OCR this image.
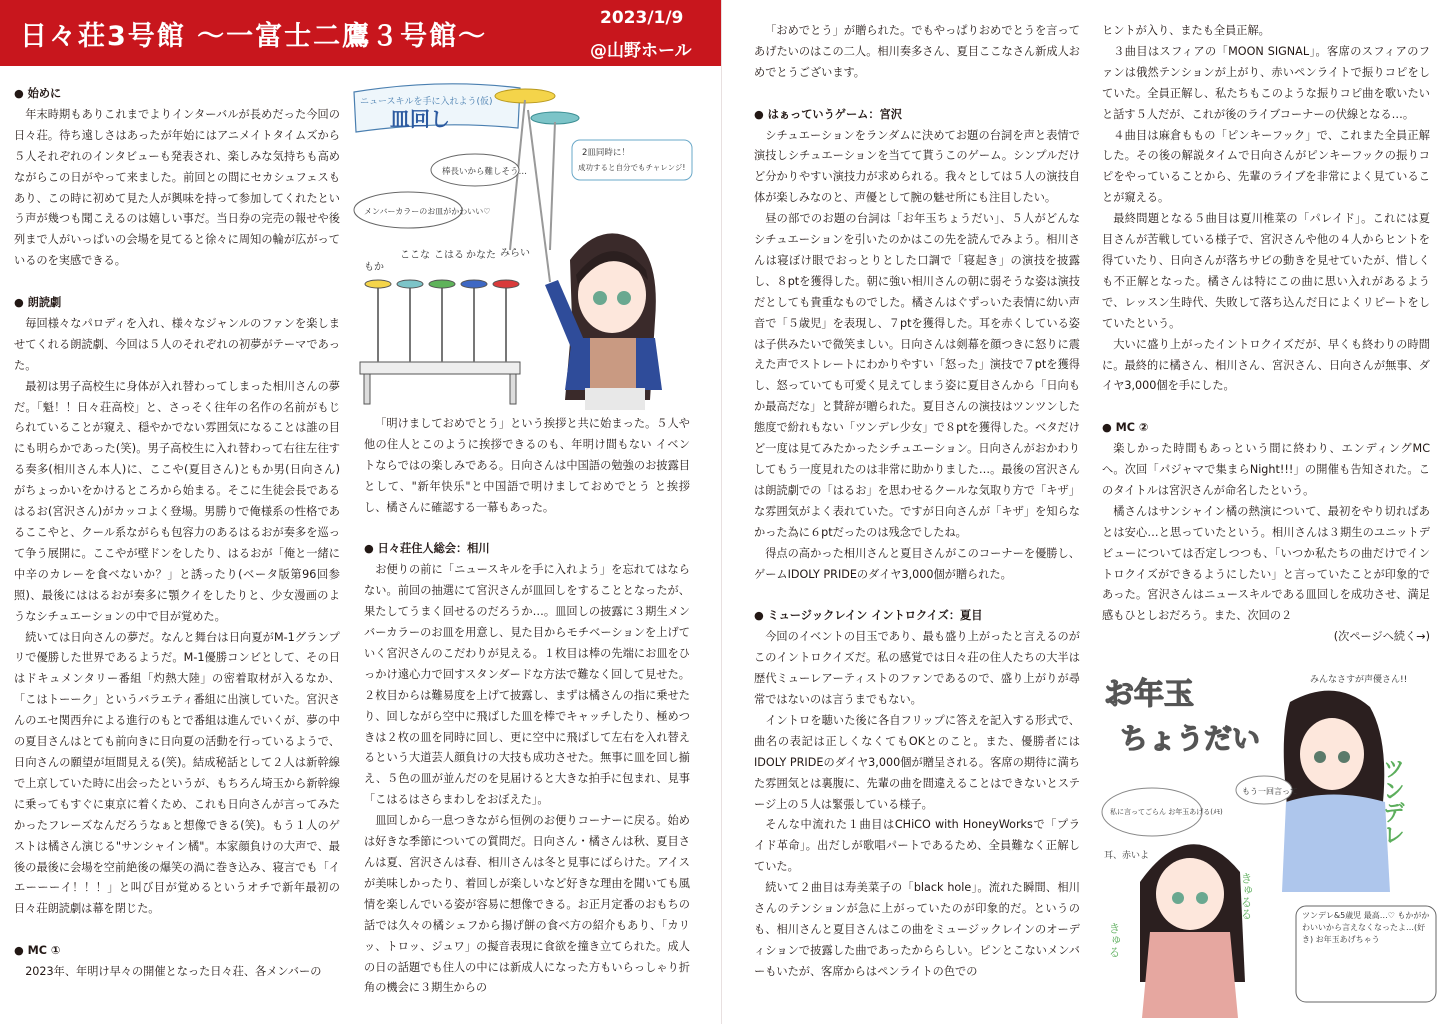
日々荘3号館 〜一富士二鷹３号館〜
2023/1/9
@山野ホール

● 始めに

年末時期もありこれまでよりインターバルが長めだった今回の日々荘。待ち遠しさはあったが年始にはアニメイトタイムズから５人それぞれのインタビューも発表され、楽しみな気持ちも高めながらこの日がやって来ました。前回との間にセカシュフェスもあり、この時に初めて見た人が興味を持って参加してくれたという声が幾つも聞こえるのは嬉しい事だ。当日券の完売の報せや後列まで人がいっぱいの会場を見てると徐々に周知の輪が広がっているのを実感できる。

● 朗読劇

毎回様々なパロディを入れ、様々なジャンルのファンを楽しませてくれる朗読劇、今回は５人のそれぞれの初夢がテーマであった。

最初は男子高校生に身体が入れ替わってしまった相川さんの夢だ。「魁！！日々荘高校」と、さっそく往年の名作の名前がもじられていることが窺え、穏やかでない雰囲気になることは誰の目にも明らかであった(笑)。男子高校生に入れ替わって右往左往する奏多(相川さん本人)に、ここや(夏目さん)ともか男(日向さん)がちょっかいをかけるところから始まる。そこに生徒会長であるはるお(宮沢さん)がカッコよく登場。男勝りで俺様系の性格であるここやと、クール系ながらも包容力のあるはるおが奏多を巡って争う展開に。ここやが壁ドンをしたり、はるおが「俺と一緒に中辛のカレーを食べないか？」と誘ったり(ベータ版第96回参照)、最後にははるおが奏多に顎クイをしたりと、少女漫画のようなシチュエーションの中で目が覚めた。

続いては日向さんの夢だ。なんと舞台は日向夏がM-1グランプリで優勝した世界であるようだ。M-1優勝コンビとして、その日はドキュメンタリー番組「灼熱大陸」の密着取材が入るなか、「こはトーーク」というバラエティ番組に出演していた。宮沢さんのエセ関西弁による進行のもとで番組は進んでいくが、夢の中の夏目さんはとても前向きに日向夏の活動を行っているようで、日向さんの願望が垣間見える(笑)。結成秘話として２人は新幹線で上京していた時に出会ったというが、もちろん埼玉から新幹線に乗ってもすぐに東京に着くため、これも日向さんが言ってみたかったフレーズなんだろうなぁと想像できる(笑)。もう１人のゲストは橘さん演じる"サンシャイン橘"。本家顔負けの大声で、最後の最後に会場を空前絶後の爆笑の渦に巻き込み、寝言でも「イエーーーイ！！！」と叫び目が覚めるというオチで新年最初の日々荘朗読劇は幕を閉じた。

● MC ①

2023年、年明け早々の開催となった日々荘、各メンバーの

「明けましておめでとう」という挨拶と共に始まった。５人や他の住人とこのように挨拶できるのも、年明け間もない イベントならではの楽しみである。日向さんは中国語の勉強のお披露目として、"新年快乐"と中国語で明けましておめでとう と挨拶し、橘さんに確認する一幕もあった。

● 日々荘住人総会：相川

お便りの前に「ニュースキルを手に入れよう」を忘れてはならない。前回の抽選にて宮沢さんが皿回しをすることとなったが、果たしてうまく回せるのだろうか…。皿回しの披露に３期生メンバーカラーのお皿を用意し、見た目からモチベーションを上げていく宮沢さんのこだわりが見える。１枚目は棒の先端にお皿をひっかけ遠心力で回すスタンダードな方法で難なく回して見せた。２枚目からは難易度を上げて披露し、まずは橘さんの指に乗せたり、回しながら空中に飛ばした皿を棒でキャッチしたり、極めつきは２枚の皿を同時に回し、更に空中に飛ばして左右を入れ替えるという大道芸人顔負けの大技も成功させた。無事に皿を回し揃え、５色の皿が並んだのを見届けると大きな拍手に包まれ、見事「こはるはさらまわしをおぼえた」。

皿回しから一息つきながら恒例のお便りコーナーに戻る。始めは好きな季節についての質問だ。日向さん・橘さんは秋、夏目さんは夏、宮沢さんは春、相川さんは冬と見事にばらけた。アイスが美味しかったり、着回しが楽しいなど好きな理由を聞いても風情を楽しんでいる姿が容易に想像できる。お正月定番のおもちの話では久々の橘シェフから揚げ餅の食べ方の紹介もあり、「カリッ、トロッ、ジュワ」の擬音表現に食欲を撞き立てられた。成人の日の話題でも住人の中には新成人になった方もいらっしゃり折角の機会に３期生からの

ニュースキルを手に入れよう(仮)
皿回し
棒長いから難しそう…
2皿同時に！
成功すると自分でもチャレンジ!
メンバーカラーのお皿がかわいい♡
もか
ここな こはる かなた みらい

「おめでとう」が贈られた。でもやっぱりおめでとうを言ってあげたいのはこの二人。相川奏多さん、夏目ここなさん新成人おめでとうございます。

● はぁっていうゲーム：宮沢

シチュエーションをランダムに決めてお題の台詞を声と表情で演技しシチュエーションを当てて貰うこのゲーム。シンプルだけど分かりやすい演技力が求められる。我々としては５人の演技自体が楽しみなのと、声優として腕の魅せ所にも注目したい。

昼の部でのお題の台詞は「お年玉ちょうだい」、５人がどんなシチュエーションを引いたのかはこの先を読んでみよう。相川さんは寝ぼけ眼でおっとりとした口調で「寝起き」の演技を披露し、８ptを獲得した。朝に強い相川さんの朝に弱そうな姿は演技だとしても貴重なものでした。橘さんはぐずっいた表情に幼い声音で「５歳児」を表現し、７ptを獲得した。耳を赤くしている姿は子供みたいで微笑ましい。日向さんは剣幕を顔つきに怒りに震えた声でストレートにわかりやすい「怒った」演技で７ptを獲得し、怒っていても可愛く見えてしまう姿に夏目さんから「日向もか最高だな」と賛辞が贈られた。夏目さんの演技はツンツンした態度で紛れもない「ツンデレ少女」で８ptを獲得した。ベタだけど一度は見てみたかったシチュエーション。日向さんがおかわりしてもう一度見れたのは非常に助かりました…。最後の宮沢さんは朗読劇での「はるお」を思わせるクールな気取り方で「キザ」な雰囲気がよく表れていた。ですが日向さんが「キザ」を知らなかった為に６ptだったのは残念でしたね。

得点の高かった相川さんと夏目さんがこのコーナーを優勝し、ゲームIDOLY PRIDEのダイヤ3,000個が贈られた。

● ミュージックレイン イントロクイズ：夏目

今回のイベントの目玉であり、最も盛り上がったと言えるのがこのイントロクイズだ。私の感覚では日々荘の住人たちの大半は歴代ミューレアーティストのファンであるので、盛り上がりが尋常ではないのは言うまでもない。

イントロを聴いた後に各自フリップに答えを記入する形式で、曲名の表記は正しくなくてもOKとのこと。また、優勝者にはIDOLY PRIDEのダイヤ3,000個が贈呈される。客席の期待に満ちた雰囲気とは裏腹に、先輩の曲を間違えることはできないとステージ上の５人は緊張している様子。

そんな中流れた１曲目はCHiCO with HoneyWorksで「プライド革命」。出だしが歌唱パートであるため、全員難なく正解していた。

続いて２曲目は寿美菜子の「black hole」。流れた瞬間、相川さんのテンションが急に上がっていたのが印象的だ。というのも、相川さんと夏目さんはこの曲をミュージックレインのオーディションで披露した曲であったかららしい。ピンとこないメンバーもいたが、客席からはペンライトの色での

ヒントが入り、またも全員正解。

３曲目はスフィアの「MOON SIGNAL」。客席のスフィアのファンは俄然テンションが上がり、赤いペンライトで振りコピをしていた。全員正解し、私たちもこのような振りコピ曲を歌いたいと話す５人だが、これが後のライブコーナーの伏線となる…。

４曲目は麻倉ももの「ピンキーフック」で、これまた全員正解した。その後の解説タイムで日向さんがピンキーフックの振りコピをやっていることから、先輩のライブを非常によく見ていることが窺える。

最終問題となる５曲目は夏川椎菜の「パレイド」。これには夏目さんが苦戦している様子で、宮沢さんや他の４人からヒントを得ていたり、日向さんが落ちサビの動きを見せていたが、惜しくも不正解となった。橘さんは特にこの曲に思い入れがあるようで、レッスン生時代、失敗して落ち込んだ日によくリピートをしていたという。

大いに盛り上がったイントロクイズだが、早くも終わりの時間に。最終的に橘さん、相川さん、宮沢さん、日向さんが無事、ダイヤ3,000個を手にした。

● MC ②

楽しかった時間もあっという間に終わり、エンディングMCへ。次回「パジャマで集まらNight!!!」の開催も告知された。このタイトルは宮沢さんが命名したという。

橘さんはサンシャイン橘の熱演について、最初をやり切ればあとは安心…と思っていたという。相川さんは３期生のユニットデビューについては否定しつつも、「いつか私たちの曲だけでイントロクイズができるようにしたい」と言っていたことが印象的であった。宮沢さんはニュースキルである皿回しを成功させ、満足感もひとしおだろう。また、次回の２

(次ページへ続く→)

お年玉
ちょうだい
みんなさすが声優さん!!
ツンデレ
もう一回言って
私に言ってごらん お年玉あげる(ﾒﾓ)
耳、赤いよ
きゅるる
きゅる
ツンデレ&5歳児 最高…♡ もかがかわいいから言えなくなったよ…(好き) お年玉あげちゃう
